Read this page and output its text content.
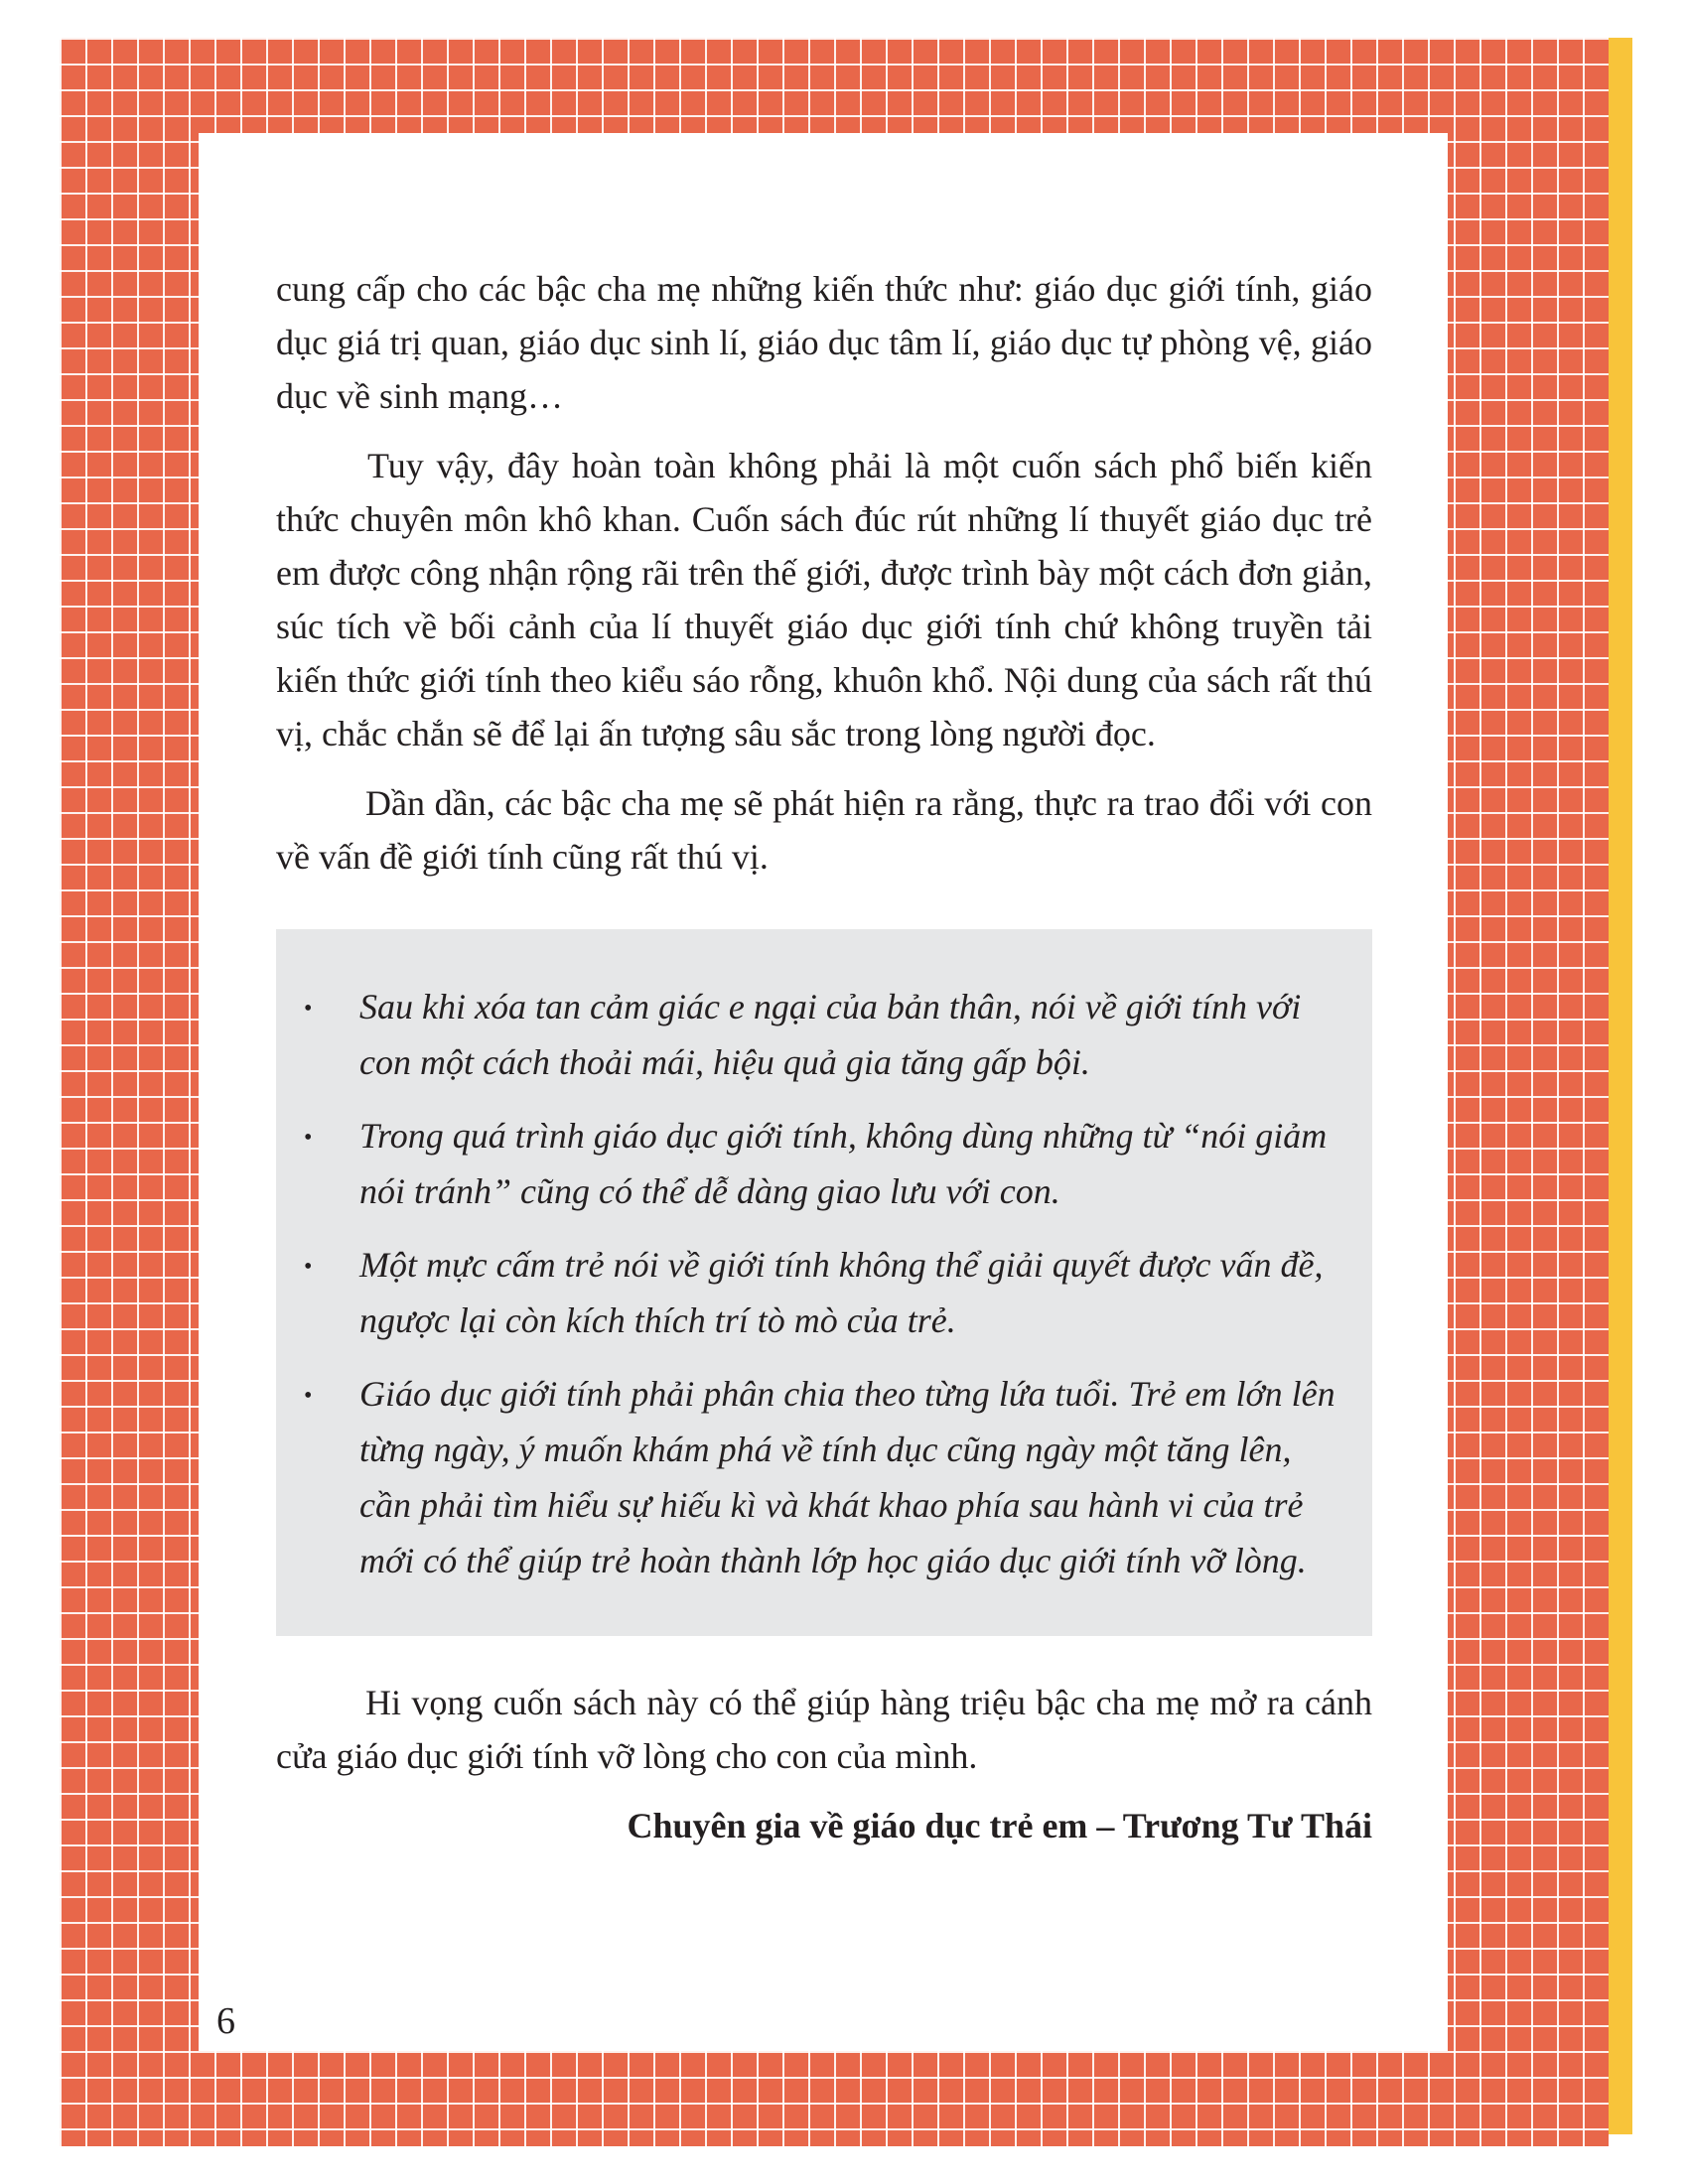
cung cấp cho các bậc cha mẹ những kiến thức như: giáo dục giới tính, giáo dục giá trị quan, giáo dục sinh lí, giáo dục tâm lí, giáo dục tự phòng vệ, giáo dục về sinh mạng…

Tuy vậy, đây hoàn toàn không phải là một cuốn sách phổ biến kiến thức chuyên môn khô khan. Cuốn sách đúc rút những lí thuyết giáo dục trẻ em được công nhận rộng rãi trên thế giới, được trình bày một cách đơn giản, súc tích về bối cảnh của lí thuyết giáo dục giới tính chứ không truyền tải kiến thức giới tính theo kiểu sáo rỗng, khuôn khổ. Nội dung của sách rất thú vị, chắc chắn sẽ để lại ấn tượng sâu sắc trong lòng người đọc.

Dần dần, các bậc cha mẹ sẽ phát hiện ra rằng, thực ra trao đổi với con về vấn đề giới tính cũng rất thú vị.

• Sau khi xóa tan cảm giác e ngại của bản thân, nói về giới tính với con một cách thoải mái, hiệu quả gia tăng gấp bội.
• Trong quá trình giáo dục giới tính, không dùng những từ “nói giảm nói tránh” cũng có thể dễ dàng giao lưu với con.
• Một mực cấm trẻ nói về giới tính không thể giải quyết được vấn đề, ngược lại còn kích thích trí tò mò của trẻ.
• Giáo dục giới tính phải phân chia theo từng lứa tuổi. Trẻ em lớn lên từng ngày, ý muốn khám phá về tính dục cũng ngày một tăng lên, cần phải tìm hiểu sự hiếu kì và khát khao phía sau hành vi của trẻ mới có thể giúp trẻ hoàn thành lớp học giáo dục giới tính vỡ lòng.

Hi vọng cuốn sách này có thể giúp hàng triệu bậc cha mẹ mở ra cánh cửa giáo dục giới tính vỡ lòng cho con của mình.

Chuyên gia về giáo dục trẻ em – Trương Tư Thái
6
